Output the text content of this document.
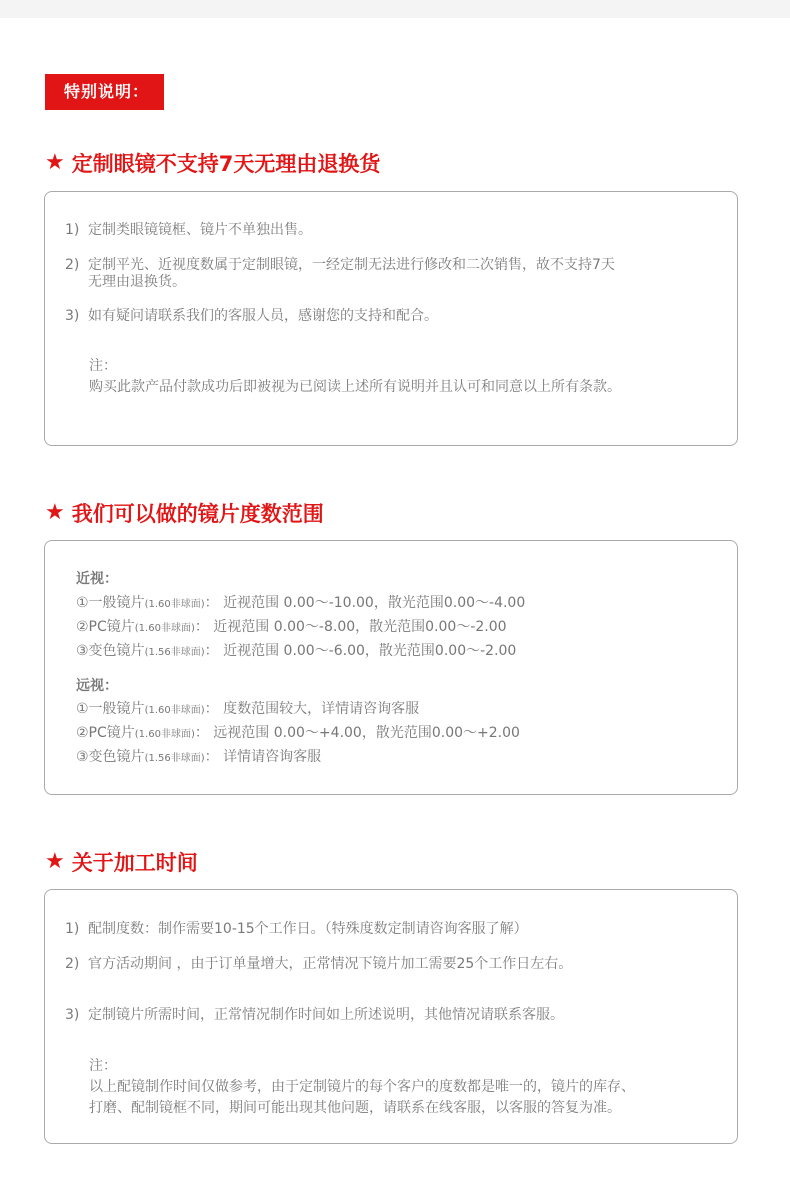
特别说明：
★ 定制眼镜不支持7天无理由退换货
1) 定制类眼镜镜框、镜片不单独出售。
2) 定制平光、近视度数属于定制眼镜，一经定制无法进行修改和二次销售，故不支持7天
无理由退换货。
3) 如有疑问请联系我们的客服人员，感谢您的支持和配合。
注：
购买此款产品付款成功后即被视为已阅读上述所有说明并且认可和同意以上所有条款。
★ 我们可以做的镜片度数范围
近视：
①一般镜片(1.60非球面)： 近视范围 0.00～-10.00，散光范围0.00～-4.00
②PC镜片(1.60非球面)： 近视范围 0.00～-8.00，散光范围0.00～-2.00
③变色镜片(1.56非球面)： 近视范围 0.00～-6.00，散光范围0.00～-2.00
远视：
①一般镜片(1.60非球面)： 度数范围较大，详情请咨询客服
②PC镜片(1.60非球面)： 远视范围 0.00～+4.00，散光范围0.00～+2.00
③变色镜片(1.56非球面)： 详情请咨询客服
★ 关于加工时间
1) 配制度数：制作需要10-15个工作日。（特殊度数定制请咨询客服了解）
2) 官方活动期间 ，由于订单量增大，正常情况下镜片加工需要25个工作日左右。
3) 定制镜片所需时间，正常情况制作时间如上所述说明，其他情况请联系客服。
注：
以上配镜制作时间仅做参考，由于定制镜片的每个客户的度数都是唯一的，镜片的库存、
打磨、配制镜框不同，期间可能出现其他问题，请联系在线客服，以客服的答复为准。
